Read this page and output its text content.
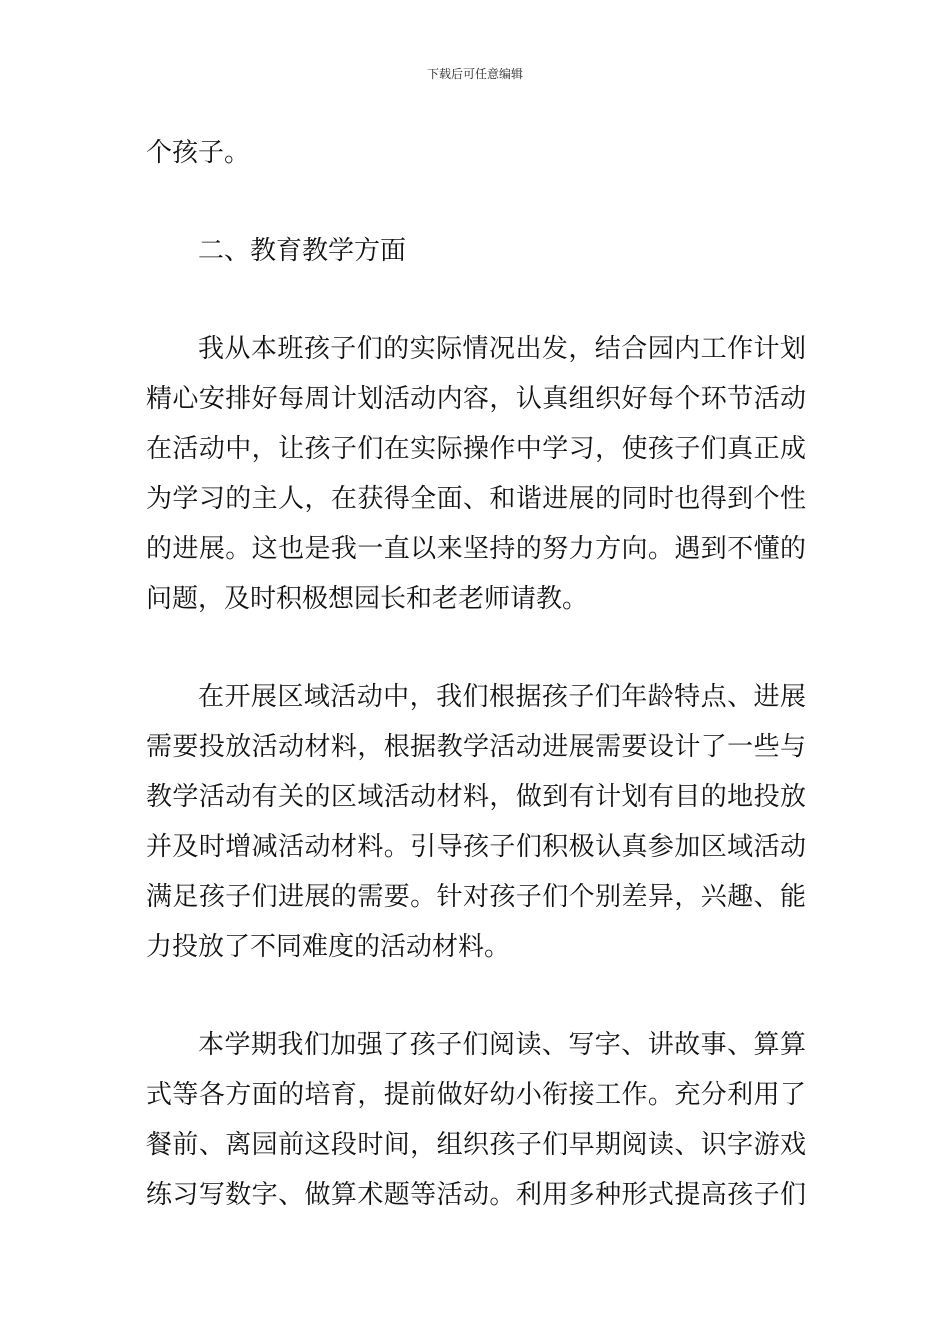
下载后可任意编辑
个孩子。
二、教育教学方面
我从本班孩子们的实际情况出发，结合园内工作计划
精心安排好每周计划活动内容，认真组织好每个环节活动
在活动中，让孩子们在实际操作中学习，使孩子们真正成
为学习的主人，在获得全面、和谐进展的同时也得到个性
的进展。这也是我一直以来坚持的努力方向。遇到不懂的
问题，及时积极想园长和老老师请教。
在开展区域活动中，我们根据孩子们年龄特点、进展
需要投放活动材料，根据教学活动进展需要设计了一些与
教学活动有关的区域活动材料，做到有计划有目的地投放
并及时增减活动材料。引导孩子们积极认真参加区域活动
满足孩子们进展的需要。针对孩子们个别差异，兴趣、能
力投放了不同难度的活动材料。
本学期我们加强了孩子们阅读、写字、讲故事、算算
式等各方面的培育，提前做好幼小衔接工作。充分利用了
餐前、离园前这段时间，组织孩子们早期阅读、识字游戏
练习写数字、做算术题等活动。利用多种形式提高孩子们
